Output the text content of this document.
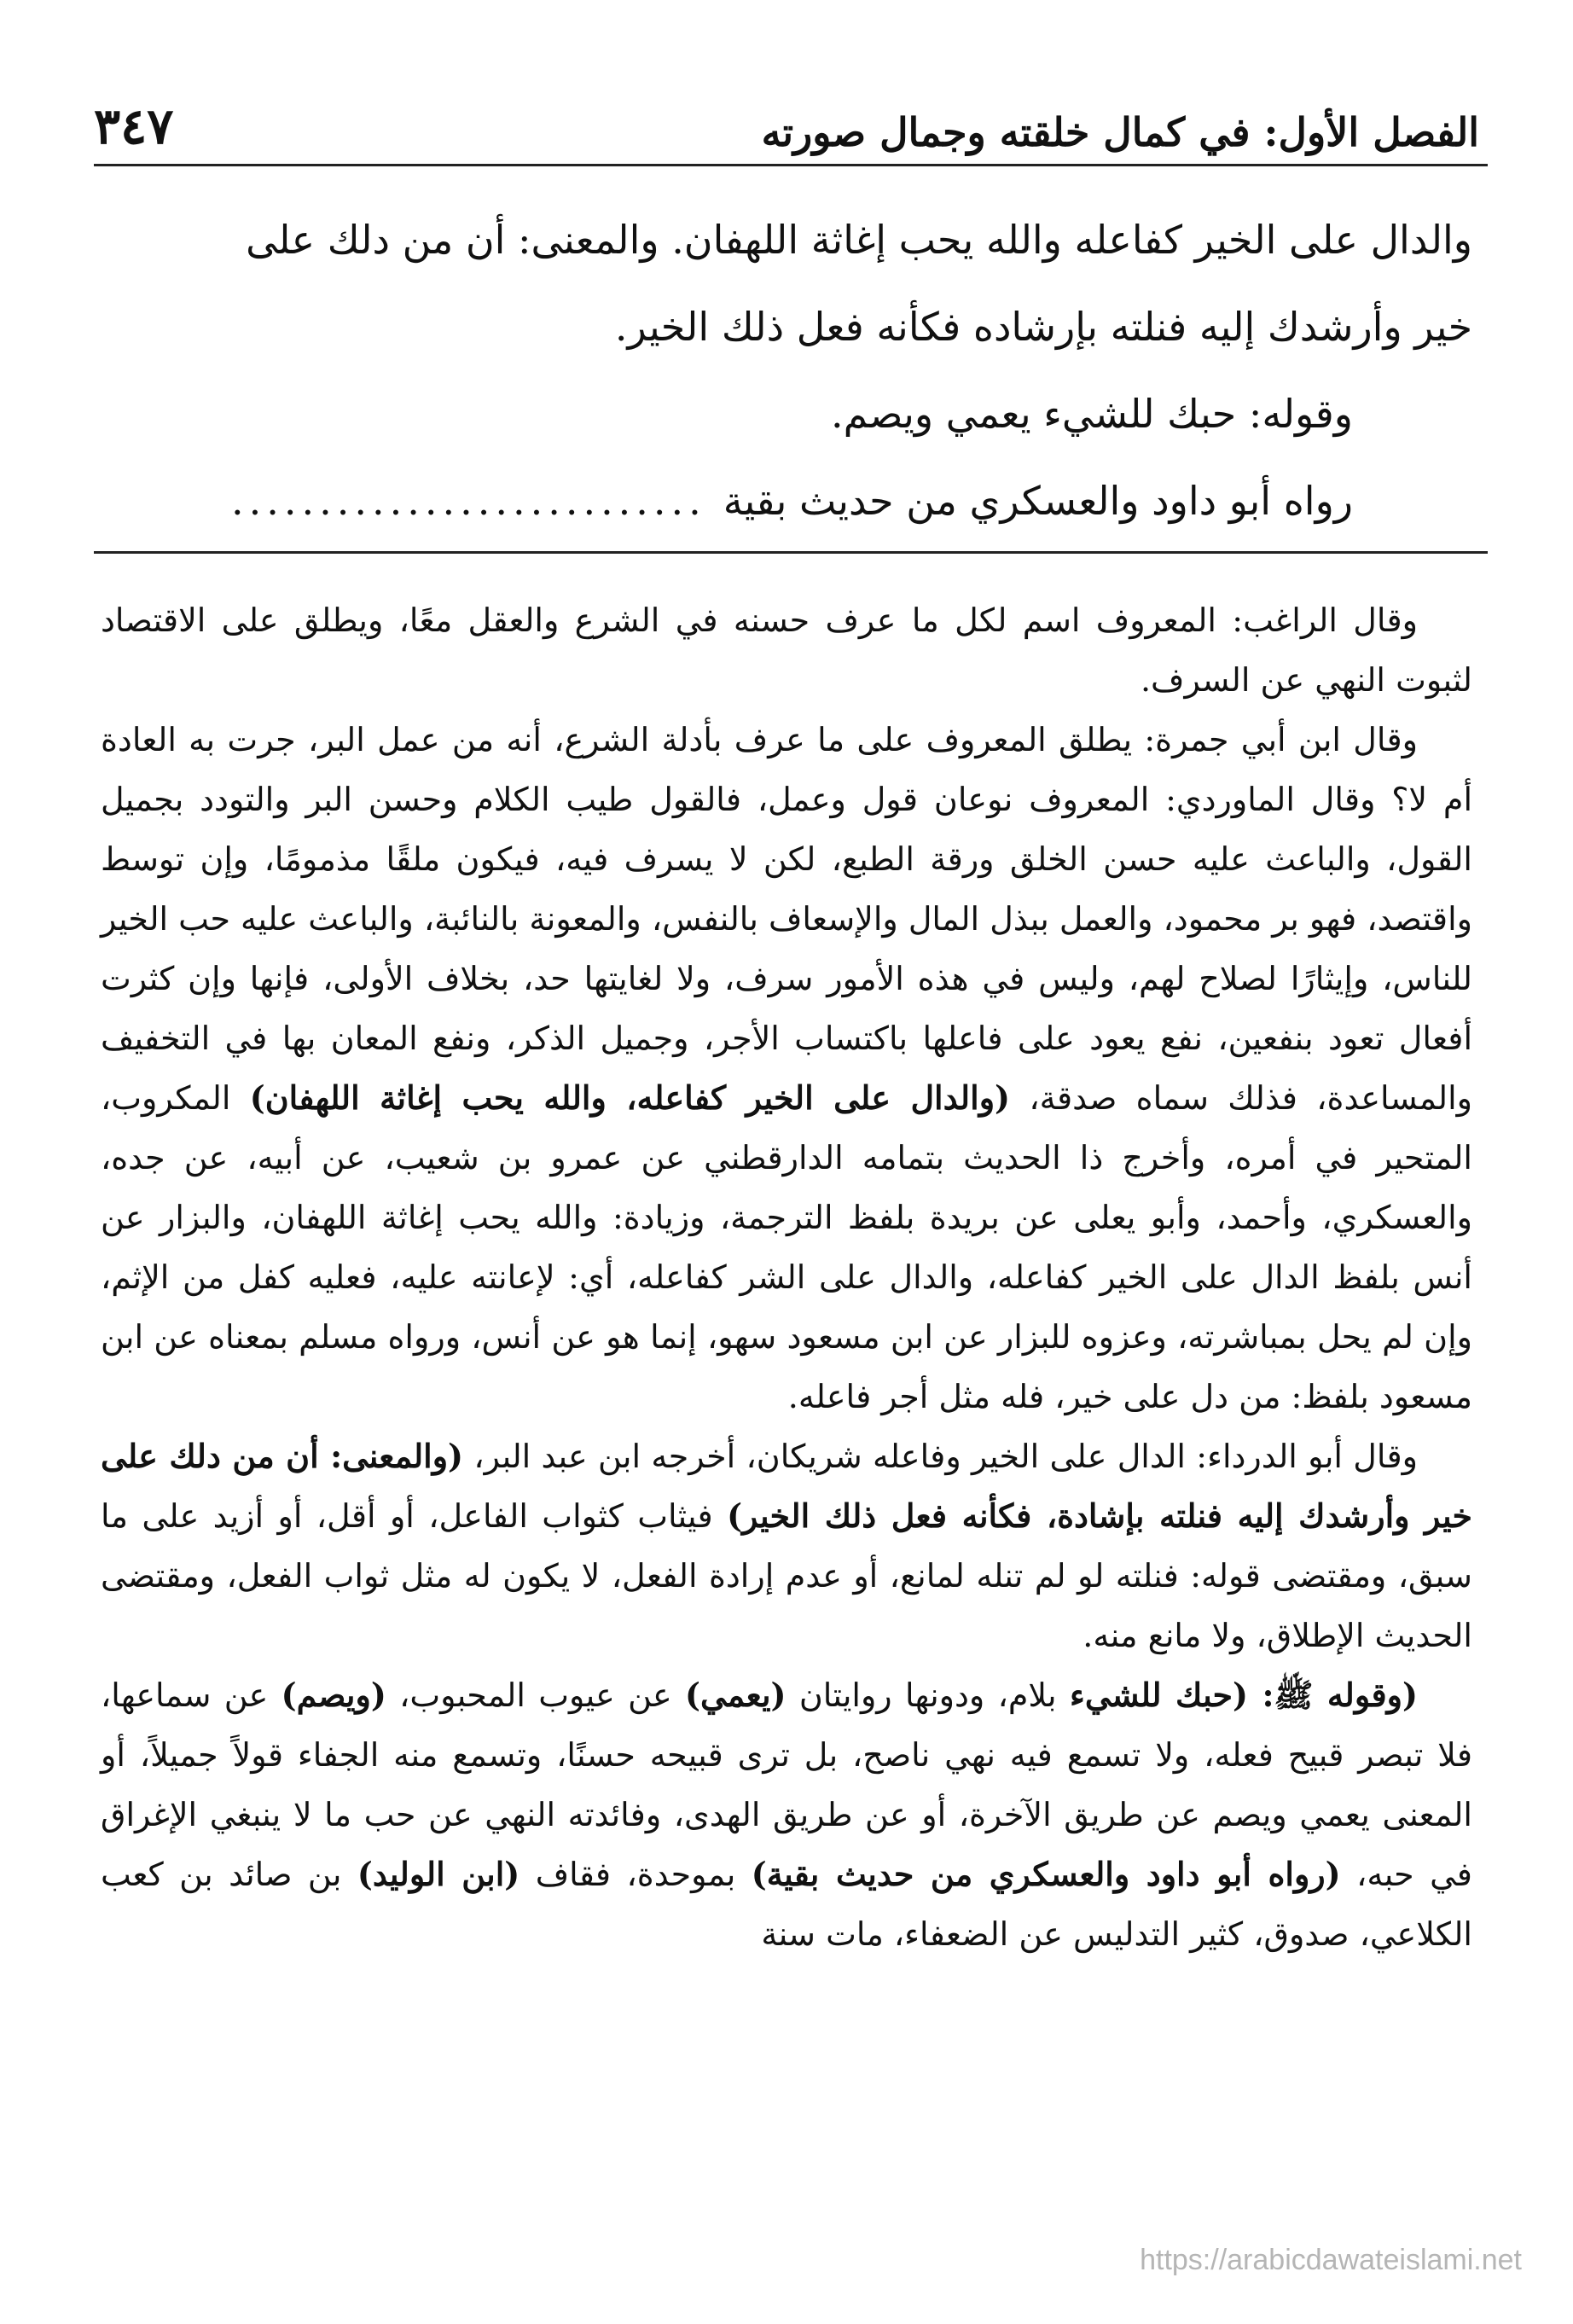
الفصل الأول: في كمال خلقته وجمال صورته
٣٤٧

والدال على الخير كفاعله والله يحب إغاثة اللهفان. والمعنى: أن من دلك على

خير وأرشدك إليه فنلته بإرشاده فكأنه فعل ذلك الخير.

وقوله: حبك للشيء يعمي ويصم.

رواه أبو داود والعسكري من حديث بقية
...........................

وقال الراغب: المعروف اسم لكل ما عرف حسنه في الشرع والعقل معًا، ويطلق على الاقتصاد لثبوت النهي عن السرف.

وقال ابن أبي جمرة: يطلق المعروف على ما عرف بأدلة الشرع، أنه من عمل البر، جرت به العادة أم لا؟ وقال الماوردي: المعروف نوعان قول وعمل، فالقول طيب الكلام وحسن البر والتودد بجميل القول، والباعث عليه حسن الخلق ورقة الطبع، لكن لا يسرف فيه، فيكون ملقًا مذمومًا، وإن توسط واقتصد، فهو بر محمود، والعمل ببذل المال والإسعاف بالنفس، والمعونة بالنائبة، والباعث عليه حب الخير للناس، وإيثارًا لصلاح لهم، وليس في هذه الأمور سرف، ولا لغايتها حد، بخلاف الأولى، فإنها وإن كثرت أفعال تعود بنفعين، نفع يعود على فاعلها باكتساب الأجر، وجميل الذكر، ونفع المعان بها في التخفيف والمساعدة، فذلك سماه صدقة، (والدال على الخير كفاعله، والله يحب إغاثة اللهفان) المكروب، المتحير في أمره، وأخرج ذا الحديث بتمامه الدارقطني عن عمرو بن شعيب، عن أبيه، عن جده، والعسكري، وأحمد، وأبو يعلى عن بريدة بلفظ الترجمة، وزيادة: والله يحب إغاثة اللهفان، والبزار عن أنس بلفظ الدال على الخير كفاعله، والدال على الشر كفاعله، أي: لإعانته عليه، فعليه كفل من الإثم، وإن لم يحل بمباشرته، وعزوه للبزار عن ابن مسعود سهو، إنما هو عن أنس، ورواه مسلم بمعناه عن ابن مسعود بلفظ: من دل على خير، فله مثل أجر فاعله.

وقال أبو الدرداء: الدال على الخير وفاعله شريكان، أخرجه ابن عبد البر، (والمعنى: أن من دلك على خير وأرشدك إليه فنلته بإشادة، فكأنه فعل ذلك الخير) فيثاب كثواب الفاعل، أو أقل، أو أزيد على ما سبق، ومقتضى قوله: فنلته لو لم تنله لمانع، أو عدم إرادة الفعل، لا يكون له مثل ثواب الفعل، ومقتضى الحديث الإطلاق، ولا مانع منه.

(وقوله ﷺ: (حبك للشيء بلام، ودونها روايتان (يعمي) عن عيوب المحبوب، (ويصم) عن سماعها، فلا تبصر قبيح فعله، ولا تسمع فيه نهي ناصح، بل ترى قبيحه حسنًا، وتسمع منه الجفاء قولاً جميلاً، أو المعنى يعمي ويصم عن طريق الآخرة، أو عن طريق الهدى، وفائدته النهي عن حب ما لا ينبغي الإغراق في حبه، (رواه أبو داود والعسكري من حديث بقية) بموحدة، فقاف (ابن الوليد) بن صائد بن كعب الكلاعي، صدوق، كثير التدليس عن الضعفاء، مات سنة

https://arabicdawateislami.net
